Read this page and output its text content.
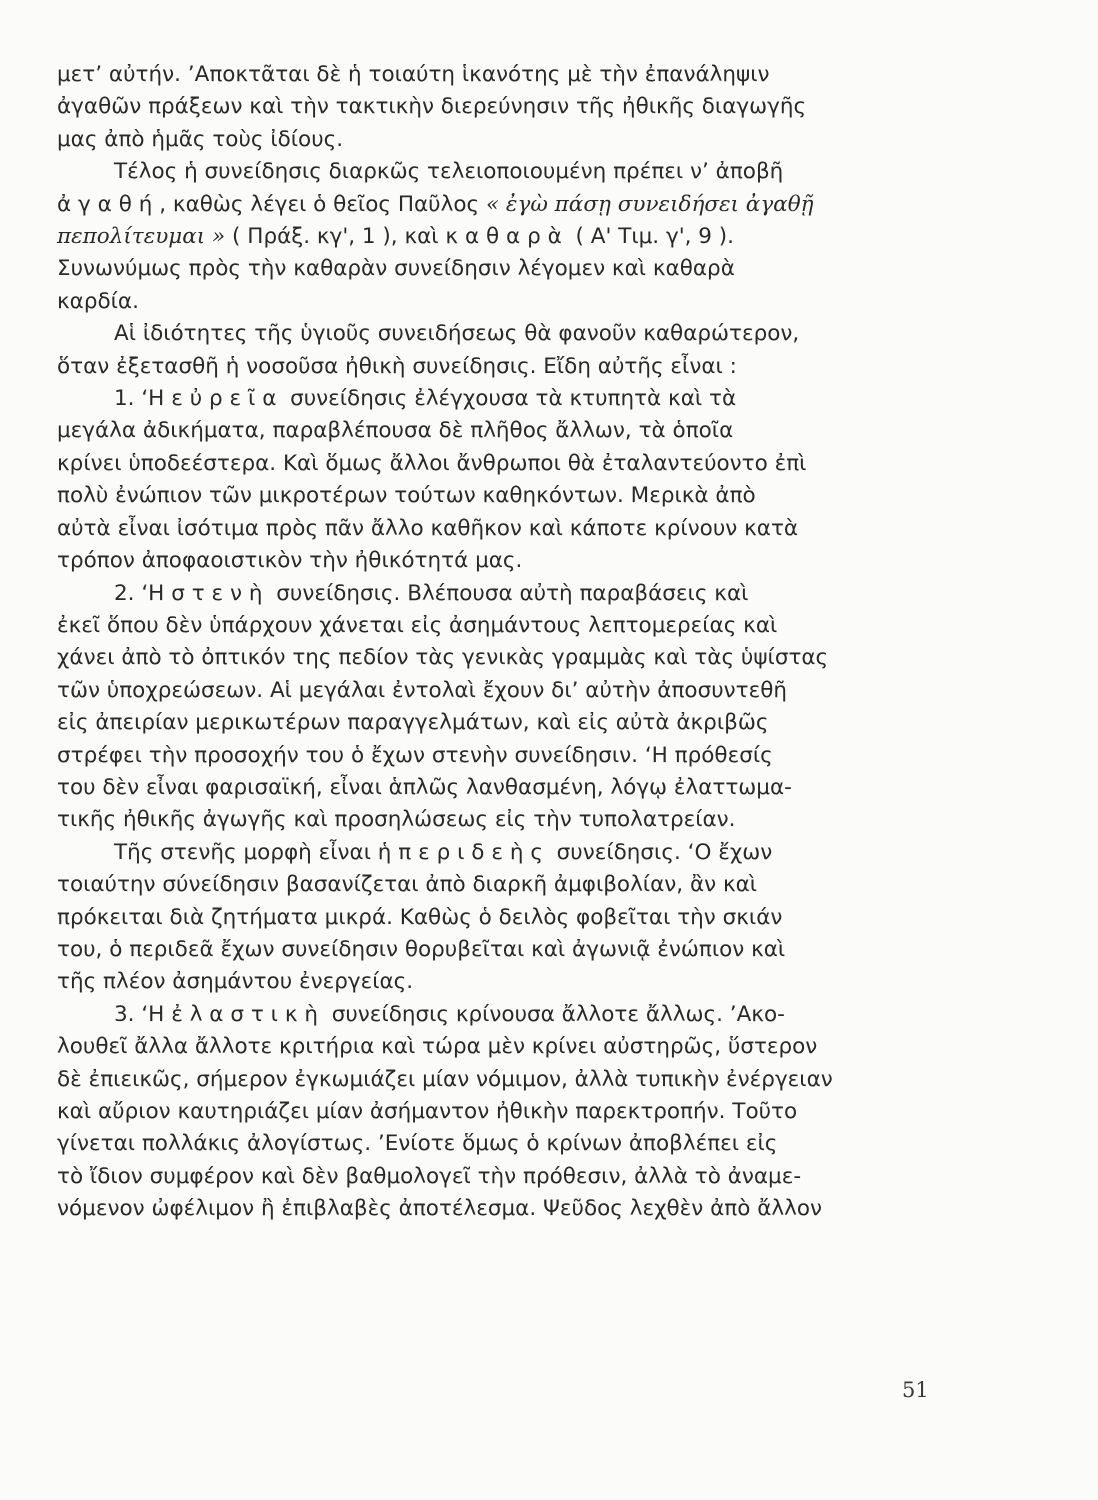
μετ’ αὐτήν. ’Αποκτᾶται δὲ ἡ τοιαύτη ἱκανότης μὲ τὴν ἐπανάληψιν
ἀγαθῶν πράξεων καὶ τὴν τακτικὴν διερεύνησιν τῆς ἠθικῆς διαγωγῆς
μας ἀπὸ ἡμᾶς τοὺς ἰδίους.
Τέλος ἡ συνείδησις διαρκῶς τελειοποιουμένη πρέπει ν’ ἀποβῆ
ἀγαθή, καθὼς λέγει ὁ θεῖος Παῦλος « ἐγὼ πάσῃ συνειδήσει ἀγαθῇ
πεπολίτευμαι » ( Πράξ. κγ', 1 ), καὶ καθαρὰ ( Α' Τιμ. γ', 9 ).
Συνωνύμως πρὸς τὴν καθαρὰν συνείδησιν λέγομεν καὶ καθαρὰ
καρδία.
Αἱ ἰδιότητες τῆς ὑγιοῦς συνειδήσεως θὰ φανοῦν καθαρώτερον,
ὅταν ἐξετασθῆ ἡ νοσοῦσα ἠθικὴ συνείδησις. Εἴδη αὐτῆς εἶναι :
1. ‘Η εὐρεῖα συνείδησις ἐλέγχουσα τὰ κτυπητὰ καὶ τὰ
μεγάλα ἀδικήματα, παραβλέπουσα δὲ πλῆθος ἄλλων, τὰ ὁποῖα
κρίνει ὑποδεέστερα. Καὶ ὅμως ἄλλοι ἄνθρωποι θὰ ἐταλαντεύοντο ἐπὶ
πολὺ ἐνώπιον τῶν μικροτέρων τούτων καθηκόντων. Μερικὰ ἀπὸ
αὐτὰ εἶναι ἰσότιμα πρὸς πᾶν ἄλλο καθῆκον καὶ κάποτε κρίνουν κατὰ
τρόπον ἀποφαοιστικὸν τὴν ἠθικότητά μας.
2. ‘Η στενὴ συνείδησις. Βλέπουσα αὐτὴ παραβάσεις καὶ
ἐκεῖ ὅπου δὲν ὑπάρχουν χάνεται εἰς ἀσημάντους λεπτομερείας καὶ
χάνει ἀπὸ τὸ ὀπτικόν της πεδίον τὰς γενικὰς γραμμὰς καὶ τὰς ὑψίστας
τῶν ὑποχρεώσεων. Αἱ μεγάλαι ἐντολαὶ ἔχουν δι’ αὐτὴν ἀποσυντεθῆ
εἰς ἀπειρίαν μερικωτέρων παραγγελμάτων, καὶ εἰς αὐτὰ ἀκριβῶς
στρέφει τὴν προσοχήν του ὁ ἔχων στενὴν συνείδησιν. ‘Η πρόθεσίς
του δὲν εἶναι φαρισαϊκή, εἶναι ἁπλῶς λανθασμένη, λόγῳ ἐλαττωμα-
τικῆς ἠθικῆς ἀγωγῆς καὶ προσηλώσεως εἰς τὴν τυπολατρείαν.
Τῆς στενῆς μορφὴ εἶναι ἡ περιδεὴς συνείδησις. ‘Ο ἔχων
τοιαύτην σύνείδησιν βασανίζεται ἀπὸ διαρκῆ ἀμφιβολίαν, ἂν καὶ
πρόκειται διὰ ζητήματα μικρά. Καθὼς ὁ δειλὸς φοβεῖται τὴν σκιάν
του, ὁ περιδεᾶ ἔχων συνείδησιν θορυβεῖται καὶ ἀγωνιᾷ ἐνώπιον καὶ
τῆς πλέον ἀσημάντου ἐνεργείας.
3. ‘Η ἐλαστικὴ συνείδησις κρίνουσα ἄλλοτε ἄλλως. ’Ακο-
λουθεῖ ἄλλα ἄλλοτε κριτήρια καὶ τώρα μὲν κρίνει αὐστηρῶς, ὕστερον
δὲ ἐπιεικῶς, σήμερον ἐγκωμιάζει μίαν νόμιμον, ἀλλὰ τυπικὴν ἐνέργειαν
καὶ αὔριον καυτηριάζει μίαν ἀσήμαντον ἠθικὴν παρεκτροπήν. Τοῦτο
γίνεται πολλάκις ἀλογίστως. ’Ενίοτε ὅμως ὁ κρίνων ἀποβλέπει εἰς
τὸ ἴδιον συμφέρον καὶ δὲν βαθμολογεῖ τὴν πρόθεσιν, ἀλλὰ τὸ ἀναμε-
νόμενον ὠφέλιμον ἢ ἐπιβλαβὲς ἀποτέλεσμα. Ψεῦδος λεχθὲν ἀπὸ ἄλλον
51
